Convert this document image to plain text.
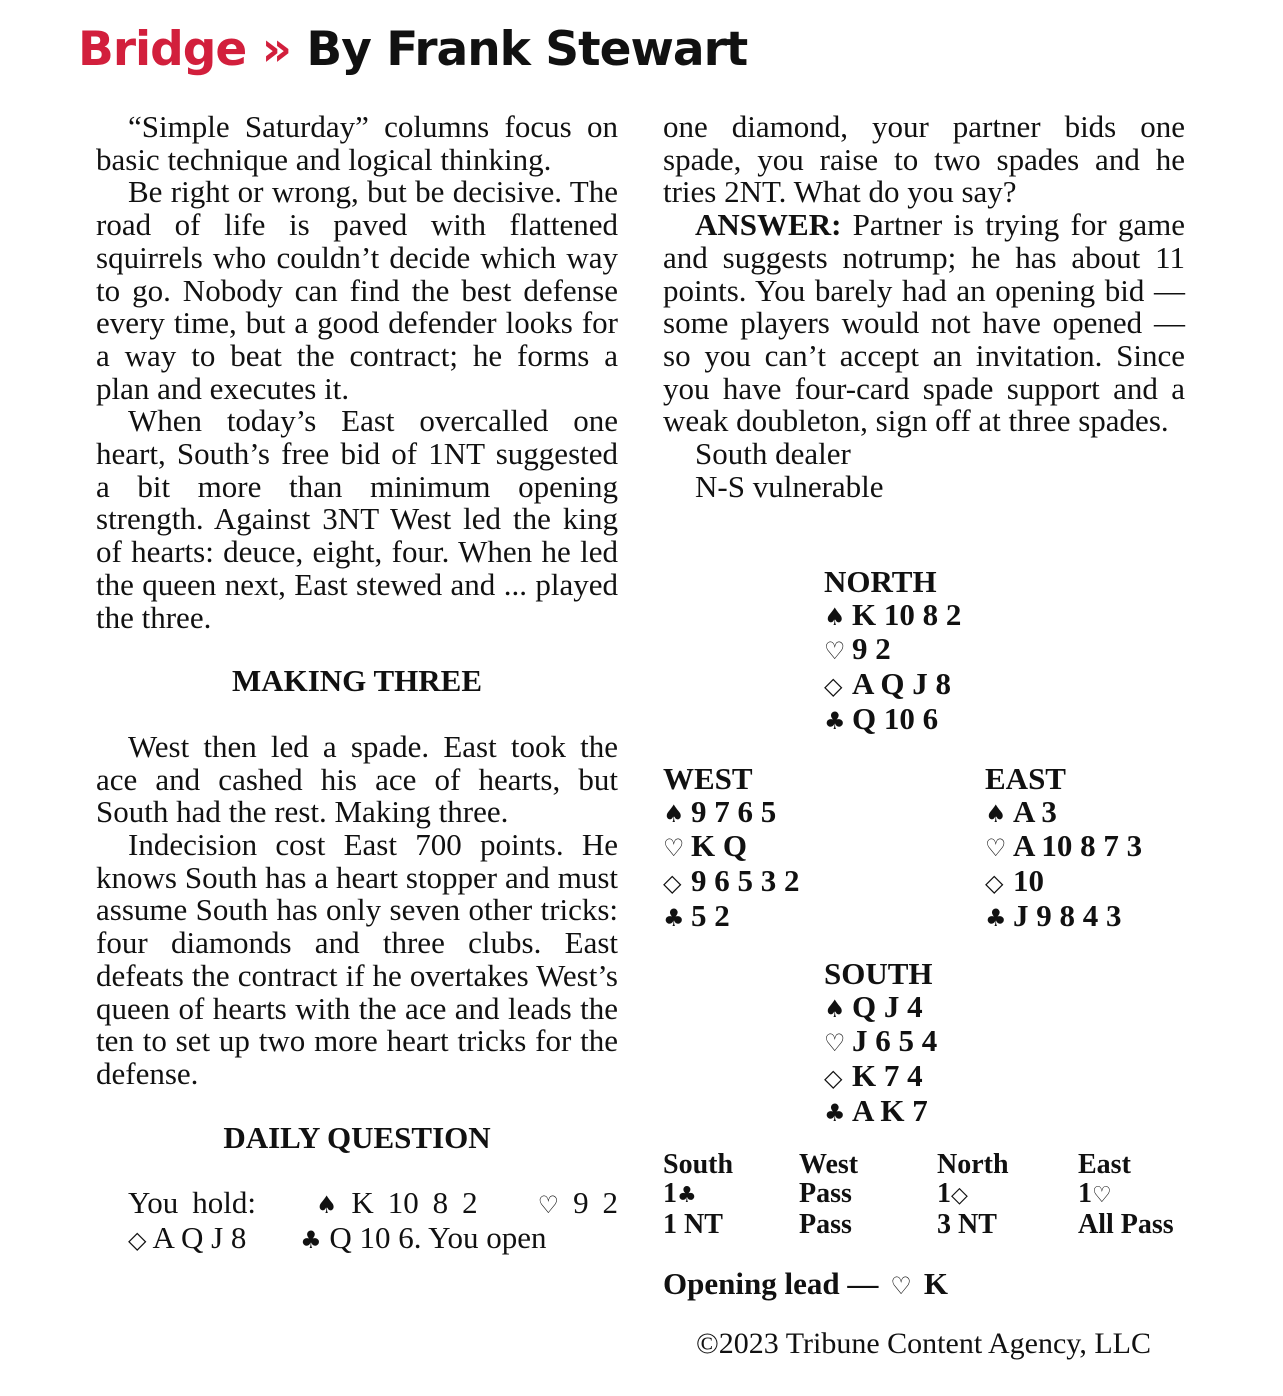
Bridge » By Frank Stewart

“Simple Saturday” columns focus on basic technique and logical thinking.

Be right or wrong, but be decisive. The road of life is paved with flattened squirrels who couldn’t decide which way to go. Nobody can find the best defense every time, but a good defender looks for a way to beat the contract; he forms a plan and executes it.

When today’s East overcalled one heart, South’s free bid of 1NT suggested a bit more than minimum opening strength. Against 3NT West led the king of hearts: deuce, eight, four. When he led the queen next, East stewed and ... played the three.

MAKING THREE

West then led a spade. East took the ace and cashed his ace of hearts, but South had the rest. Making three.

Indecision cost East 700 points. He knows South has a heart stopper and must assume South has only seven other tricks: four diamonds and three clubs. East defeats the contract if he overtakes West’s queen of hearts with the ace and leads the ten to set up two more heart tricks for the defense.

DAILY QUESTION

You hold: ♠ K 10 8 2 ♡ 9 2 ◇ A Q J 8 ♣ Q 10 6. You open

one diamond, your partner bids one spade, you raise to two spades and he tries 2NT. What do you say?

ANSWER: Partner is trying for game and suggests notrump; he has about 11 points. You barely had an opening bid — some players would not have opened — so you can’t accept an invitation. Since you have four-card spade support and a weak doubleton, sign off at three spades.

South dealer

N-S vulnerable

NORTH
♠ K 10 8 2
♡ 9 2
◇ A Q J 8
♣ Q 10 6
WEST
♠ 9 7 6 5
♡ K Q
◇ 9 6 5 3 2
♣ 5 2
EAST
♠ A 3
♡ A 10 8 7 3
◇ 10
♣ J 9 8 4 3
SOUTH
♠ Q J 4
♡ J 6 5 4
◇ K 7 4
♣ A K 7
South	West	North	East
1♣	Pass	1◇	1♡
1 NT	Pass	3 NT	All Pass
Opening lead — ♡ K
©2023 Tribune Content Agency, LLC
